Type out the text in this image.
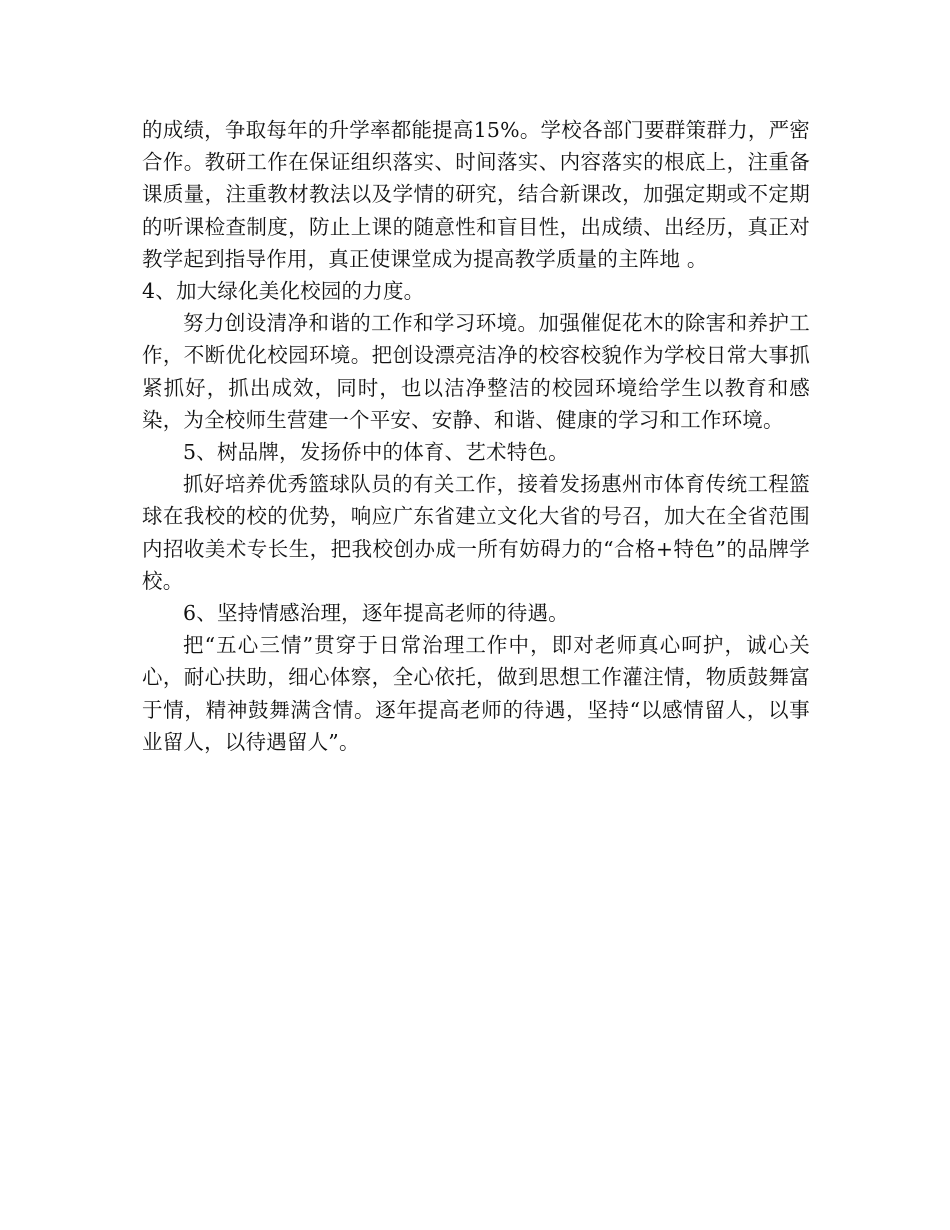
的成绩，争取每年的升学率都能提高15%。学校各部门要群策群力，严密合作。教研工作在保证组织落实、时间落实、内容落实的根底上，注重备课质量，注重教材教法以及学情的研究，结合新课改，加强定期或不定期的听课检查制度，防止上课的随意性和盲目性，出成绩、出经历，真正对教学起到指导作用，真正使课堂成为提高教学质量的主阵地 。

4、加大绿化美化校园的力度。

努力创设清净和谐的工作和学习环境。加强催促花木的除害和养护工作，不断优化校园环境。把创设漂亮洁净的校容校貌作为学校日常大事抓紧抓好，抓出成效，同时，也以洁净整洁的校园环境给学生以教育和感染，为全校师生营建一个平安、安静、和谐、健康的学习和工作环境。

5、树品牌，发扬侨中的体育、艺术特色。

抓好培养优秀篮球队员的有关工作，接着发扬惠州市体育传统工程篮球在我校的校的优势，响应广东省建立文化大省的号召，加大在全省范围内招收美术专长生，把我校创办成一所有妨碍力的“合格+特色”的品牌学校。

6、坚持情感治理，逐年提高老师的待遇。

把“五心三情”贯穿于日常治理工作中，即对老师真心呵护，诚心关心，耐心扶助，细心体察，全心依托，做到思想工作灌注情，物质鼓舞富于情，精神鼓舞满含情。逐年提高老师的待遇，坚持“以感情留人，以事业留人，以待遇留人”。
